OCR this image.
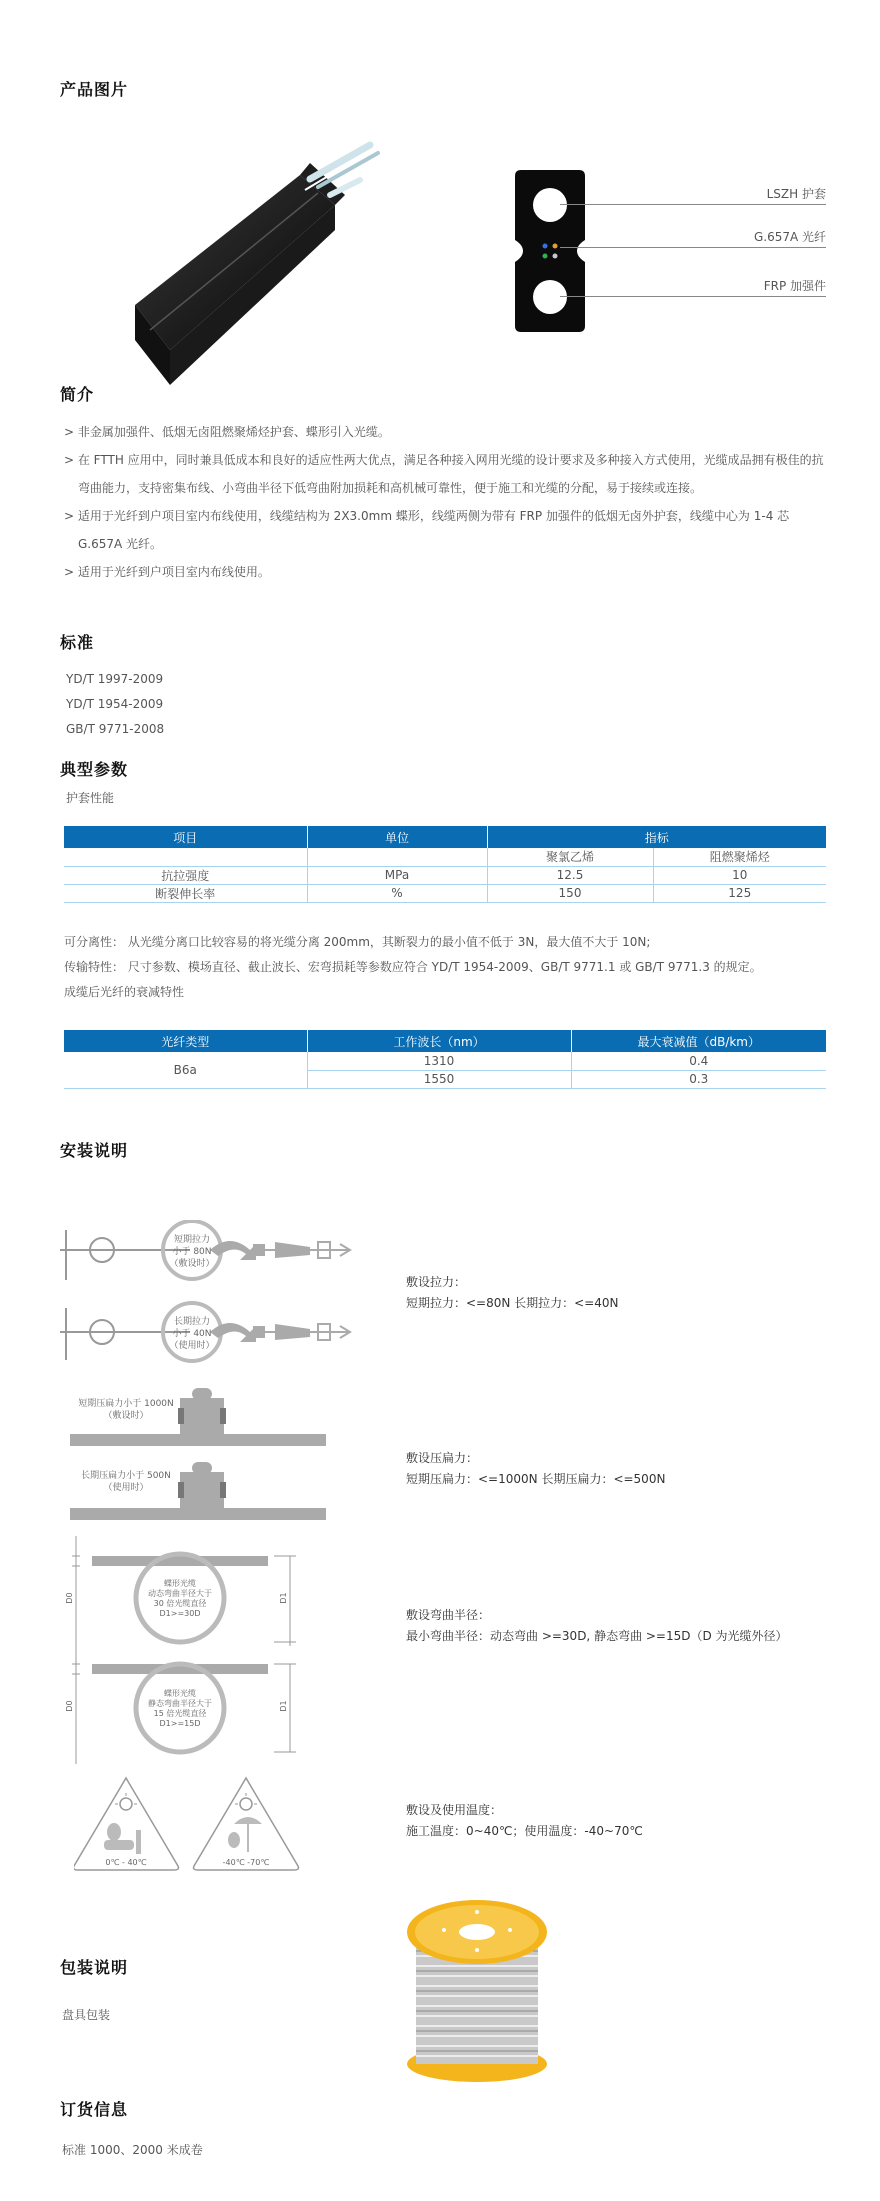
产品图片
LSZH 护套
G.657A 光纤
FRP 加强件
简介

> 非金属加强件、低烟无卤阻燃聚烯烃护套、蝶形引入光缆。

> 在 FTTH 应用中，同时兼具低成本和良好的适应性两大优点，满足各种接入网用光缆的设计要求及多种接入方式使用，光缆成品拥有极佳的抗弯曲能力，支持密集布线、小弯曲半径下低弯曲附加损耗和高机械可靠性，便于施工和光缆的分配，易于接续或连接。

> 适用于光纤到户项目室内布线使用，线缆结构为 2X3.0mm 蝶形，线缆两侧为带有 FRP 加强件的低烟无卤外护套，线缆中心为 1-4 芯 G.657A 光纤。

> 适用于光纤到户项目室内布线使用。

标准
YD/T 1997-2009
YD/T 1954-2009
GB/T 9771-2008
典型参数
护套性能
项目	单位	指标	
		聚氯乙烯	阻燃聚烯烃
抗拉强度	MPa	12.5	10
断裂伸长率	%	150	125
可分离性： 从光缆分离口比较容易的将光缆分离 200mm，其断裂力的最小值不低于 3N，最大值不大于 10N;
传输特性： 尺寸参数、模场直径、截止波长、宏弯损耗等参数应符合 YD/T 1954-2009、GB/T 9771.1 或 GB/T 9771.3 的规定。
成缆后光纤的衰减特性
光纤类型	工作波长（nm）	最大衰减值（dB/km）
B6a	1310	0.4
	1550	0.3
安装说明
短期拉力
小于 80N
（敷设时）
长期拉力
小于 40N
（使用时）
短期压扁力小于 1000N
（敷设时）
长期压扁力小于 500N
（使用时）
D0	D1
D0	D1
蝶形光缆
动态弯曲半径大于
30 倍光缆直径
D1>=30D
蝶形光缆
静态弯曲半径大于
15 倍光缆直径
D1>=15D
0℃ - 40℃	-40℃ -70℃
敷设拉力：
短期拉力：<=80N 长期拉力：<=40N
敷设压扁力：
短期压扁力：<=1000N 长期压扁力：<=500N
敷设弯曲半径：
最小弯曲半径：动态弯曲 >=30D, 静态弯曲 >=15D（D 为光缆外径）
敷设及使用温度：
施工温度：0~40℃；使用温度：-40~70℃
包装说明
盘具包装
订货信息
标准 1000、2000 米成卷
